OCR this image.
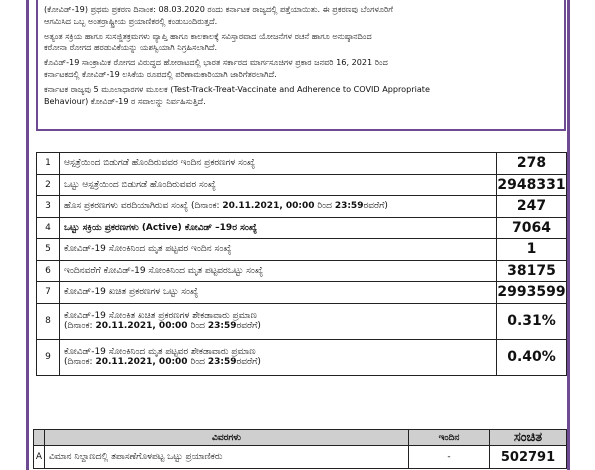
(ಕೋವಿಡ್-19) ಪ್ರಥಮ ಪ್ರಕರಣ ದಿನಾಂಕ: 08.03.2020 ರಂದು ಕರ್ನಾಟಕ ರಾಜ್ಯದಲ್ಲಿ ಪತ್ತೆಯಾಯಿತು. ಈ ಪ್ರಕರಣವು ಬೆಂಗಳೂರಿಗೆ

ಆಗಮಿಸಿದ ಒಬ್ಬ ಅಂತರ್ರಾಷ್ಟ್ರೀಯ ಪ್ರಯಾಣಿಕರಲ್ಲಿ ಕಂಡುಬಂದಿರುತ್ತದೆ.

ಅತ್ಯಂತ ಸಕ್ರಿಯ ಹಾಗೂ ಸುಸಜ್ಜಿತಕ್ರಮಗಳು ವ್ಯಾಪ್ತಿ ಹಾಗೂ ಕಾಲಕಾಲಕ್ಕೆ ಸವಿಸ್ತಾರವಾದ ಯೋಜನೆಗಳ ರಚನೆ ಹಾಗೂ ಅನುಷ್ಠಾನದಿಂದ

ಕರೋನಾ ರೋಗದ ಹರಡುವಿಕೆಯನ್ನು ಯಶಸ್ವಿಯಾಗಿ ನಿಗ್ರಹಿಸಲಾಗಿದೆ.

ಕೊವಿಡ್-19 ಸಾಂಕ್ರಾಮಿಕ ರೋಗದ ವಿರುದ್ಧದ ಹೋರಾಟದಲ್ಲಿ ಭಾರತ ಸರ್ಕಾರದ ಮಾರ್ಗಸೂಚಿಗಳ ಪ್ರಕಾರ ಜನವರಿ 16, 2021 ರಿಂದ

ಕರ್ನಾಟಕದಲ್ಲಿ ಕೋವಿಡ್-19 ಲಸಿಕೆಯ ರೂಪದಲ್ಲಿ ಪರಿಣಾಮಕಾರಿಯಾಗಿ ಜಾರಿಗೆತರಲಾಗಿದೆ.

ಕರ್ನಾಟಕ ರಾಜ್ಯವು 5 ಮೂಲಾಧಾರಗಳ ಮೂಲಕ (Test-Track-Treat-Vaccinate and Adherence to COVID Appropriate

Behaviour) ಕೋವಿಡ್-19 ರ ಸವಾಲನ್ನು ನಿರ್ವಹಿಸುತ್ತಿದೆ.

1	ಆಸ್ಪತ್ರೆಯಿಂದ ಬಿಡುಗಡೆ ಹೊಂದಿರುವವರ ಇಂದಿನ ಪ್ರಕರಣಗಳ ಸಂಖ್ಯೆ	278
2	ಒಟ್ಟು ಆಸ್ಪತ್ರೆಯಿಂದ ಬಿಡುಗಡೆ ಹೊಂದಿರುವವರ ಸಂಖ್ಯೆ	2948331
3	ಹೊಸ ಪ್ರಕರಣಗಳು ವರದಿಯಾಗಿರುವ ಸಂಖ್ಯೆ (ದಿನಾಂಕ: 20.11.2021, 00:00 ರಿಂದ 23:59ರವರೆಗೆ)	247
4	ಒಟ್ಟು ಸಕ್ರಿಯ ಪ್ರಕರಣಗಳು (Active) ಕೋವಿಡ್ –19ರ ಸಂಖ್ಯೆ	7064
5	ಕೋವಿಡ್-19 ಸೋಂಕಿನಿಂದ ಮೃತ ಪಟ್ಟವರ ಇಂದಿನ ಸಂಖ್ಯೆ	1
6	ಇಂದಿನವರೆಗೆ ಕೋವಿಡ್-19 ಸೋಂಕಿನಿಂದ ಮೃತ ಪಟ್ಟವರಒಟ್ಟು ಸಂಖ್ಯೆ	38175
7	ಕೋವಿಡ್-19 ಖಚಿತ ಪ್ರಕರಣಗಳ ಒಟ್ಟು ಸಂಖ್ಯೆ	2993599
8	ಕೋವಿಡ್-19 ಸೋಂಕಿತ ಖಚಿತ ಪ್ರಕರಣಗಳ ಶೇಕಡಾವಾರು ಪ್ರಮಾಣ
(ದಿನಾಂಕ: 20.11.2021, 00:00 ರಿಂದ 23:59ರವರೆಗೆ)	0.31%
9	ಕೋವಿಡ್-19 ಸೋಂಕಿನಿಂದ ಮೃತ ಪಟ್ಟವರ ಶೇಕಡಾವಾರು ಪ್ರಮಾಣ
(ದಿನಾಂಕ: 20.11.2021, 00:00 ರಿಂದ 23:59ರವರೆಗೆ)	0.40%
	ವಿವರಗಳು	ಇಂದಿನ	ಸಂಚಿತ
A	ವಿಮಾನ ನಿಲ್ದಾಣದಲ್ಲಿ ತಪಾಸಣೆಗೊಳಪಟ್ಟ ಒಟ್ಟು ಪ್ರಯಾಣಿಕರು	-	502791
